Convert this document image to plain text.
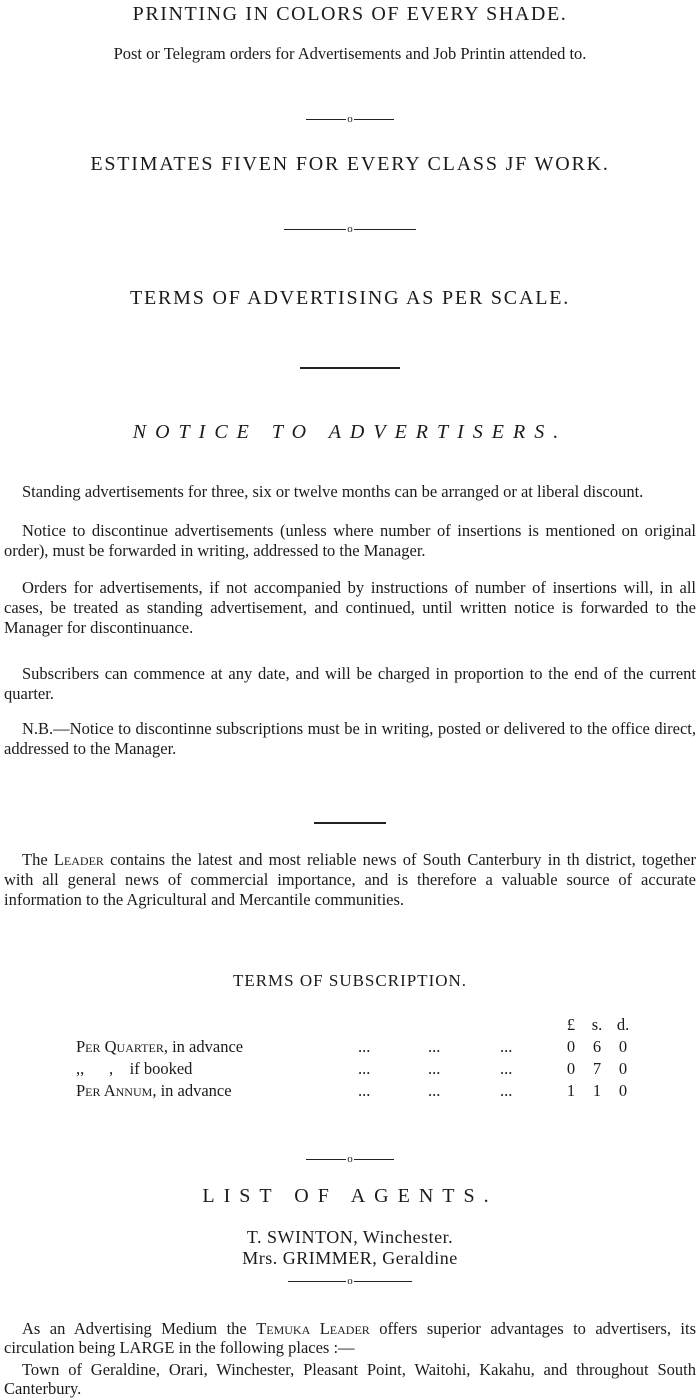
PRINTING IN COLORS OF EVERY SHADE.
Post or Telegram orders for Advertisements and Job Printin attended to.
o
ESTIMATES FIVEN FOR EVERY CLASS JF WORK.
o
TERMS OF ADVERTISING AS PER SCALE.
NOTICE TO ADVERTISERS.

Standing advertisements for three, six or twelve months can be arranged or at liberal discount.

Notice to discontinue advertisements (unless where number of insertions is mentioned on original order), must be forwarded in writing, addressed to the Manager.

Orders for advertisements, if not accompanied by instructions of number of insertions will, in all cases, be treated as standing advertisement, and continued, until written notice is forwarded to the Manager for discontinuance.

Subscribers can commence at any date, and will be charged in proportion to the end of the current quarter.

N.B.—Notice to discontinne subscriptions must be in writing, posted or delivered to the office direct, addressed to the Manager.

The Leader contains the latest and most reliable news of South Canterbury in th district, together with all general news of commercial importance, and is therefore a valuable source of accurate information to the Agricultural and Mercantile communities.

TERMS OF SUBSCRIPTION.
				£	s.	d.
Per Quarter, in advance	...	...	...	0	6	0
,,      ,    if booked	...	...	...	0	7	0
Per Annum, in advance	...	...	...	1	1	0
o
LIST OF AGENTS.
T. SWINTON, Winchester.
Mrs. GRIMMER, Geraldine
o

As an Advertising Medium the Temuka Leader offers superior advantages to advertisers, its circulation being LARGE in the following places :—

Town of Geraldine, Orari, Winchester, Pleasant Point, Waitohi, Kakahu, and throughout South Canterbury.
